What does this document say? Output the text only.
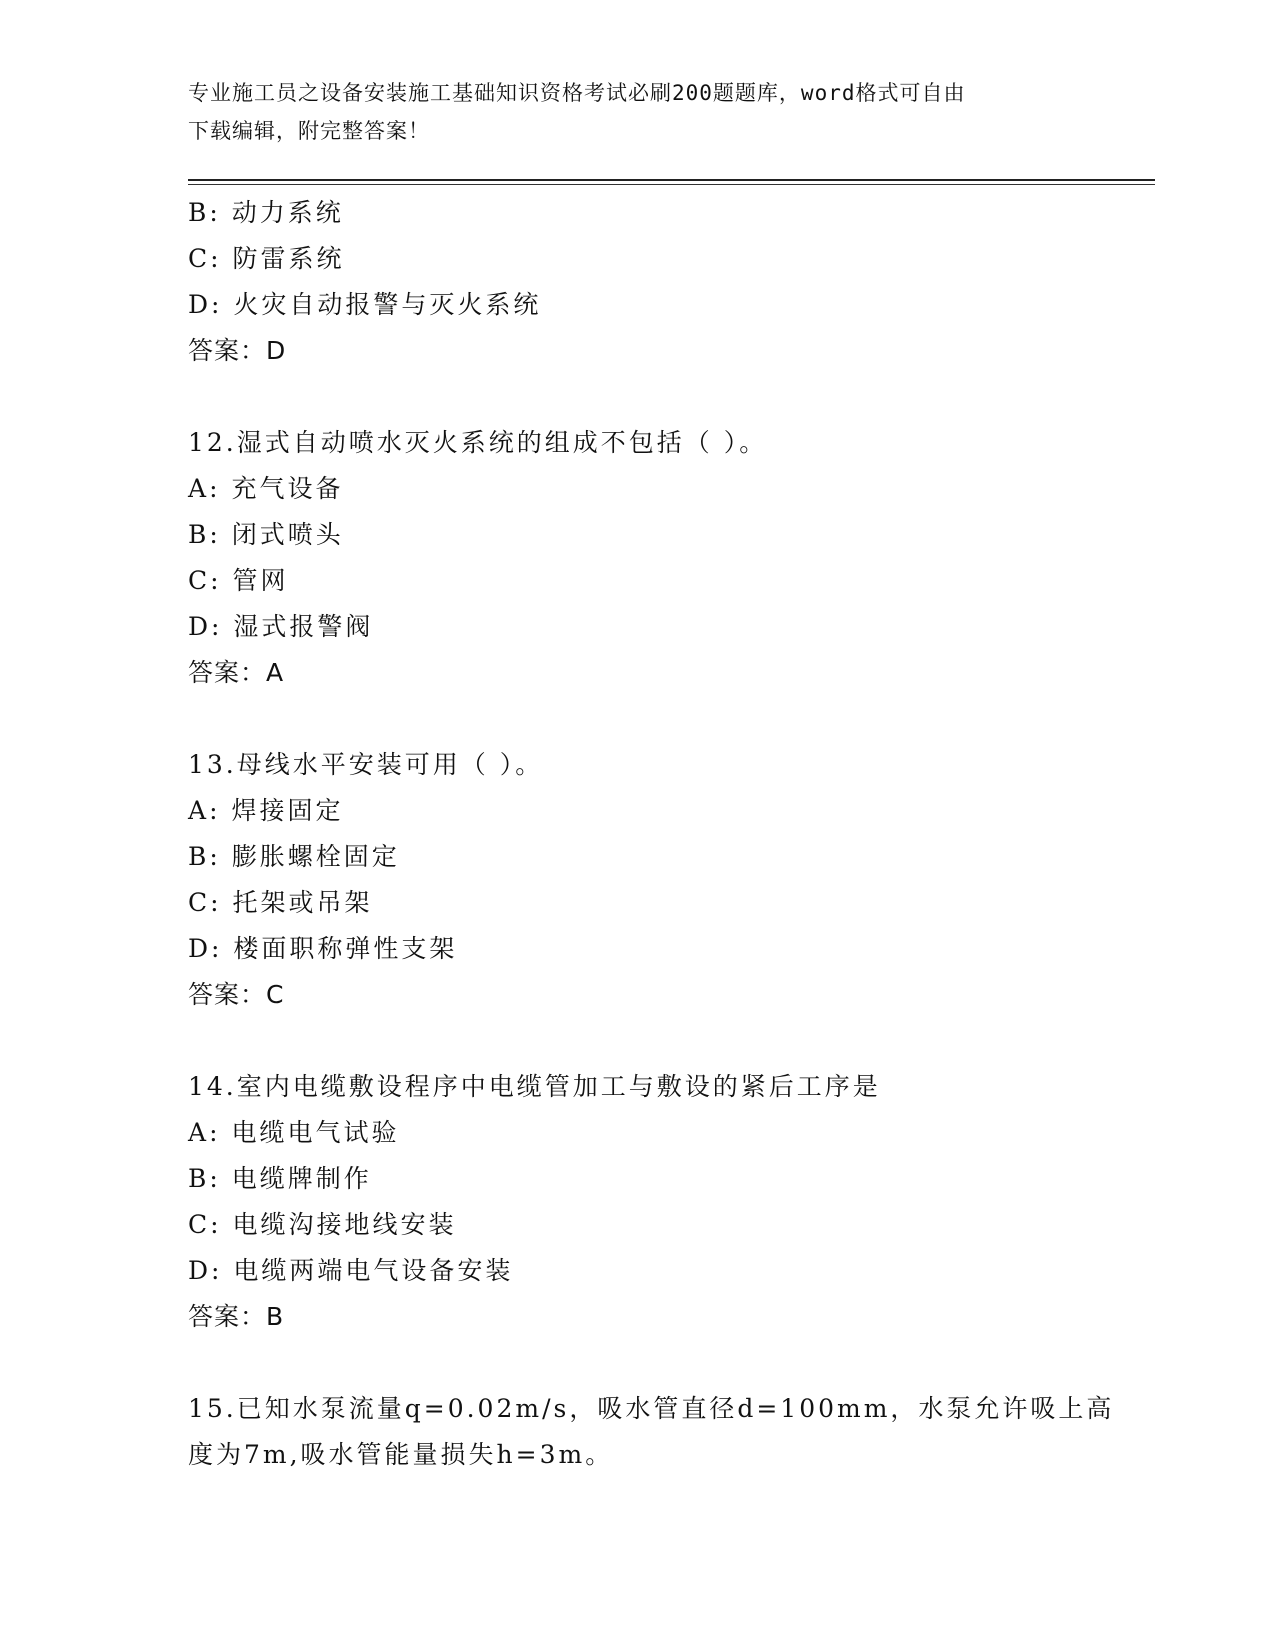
专业施工员之设备安装施工基础知识资格考试必刷200题题库，word格式可自由
下载编辑，附完整答案！
B: 动力系统
C: 防雷系统
D: 火灾自动报警与灭火系统
答案：D
12.湿式自动喷水灭火系统的组成不包括（ ）。
A: 充气设备
B: 闭式喷头
C: 管网
D: 湿式报警阀
答案：A
13.母线水平安装可用（ ）。
A: 焊接固定
B: 膨胀螺栓固定
C: 托架或吊架
D: 楼面职称弹性支架
答案：C
14.室内电缆敷设程序中电缆管加工与敷设的紧后工序是
A: 电缆电气试验
B: 电缆牌制作
C: 电缆沟接地线安装
D: 电缆两端电气设备安装
答案：B
15.已知水泵流量q=0.02m/s，吸水管直径d=100mm，水泵允许吸上高
度为7m,吸水管能量损失h=3m。
